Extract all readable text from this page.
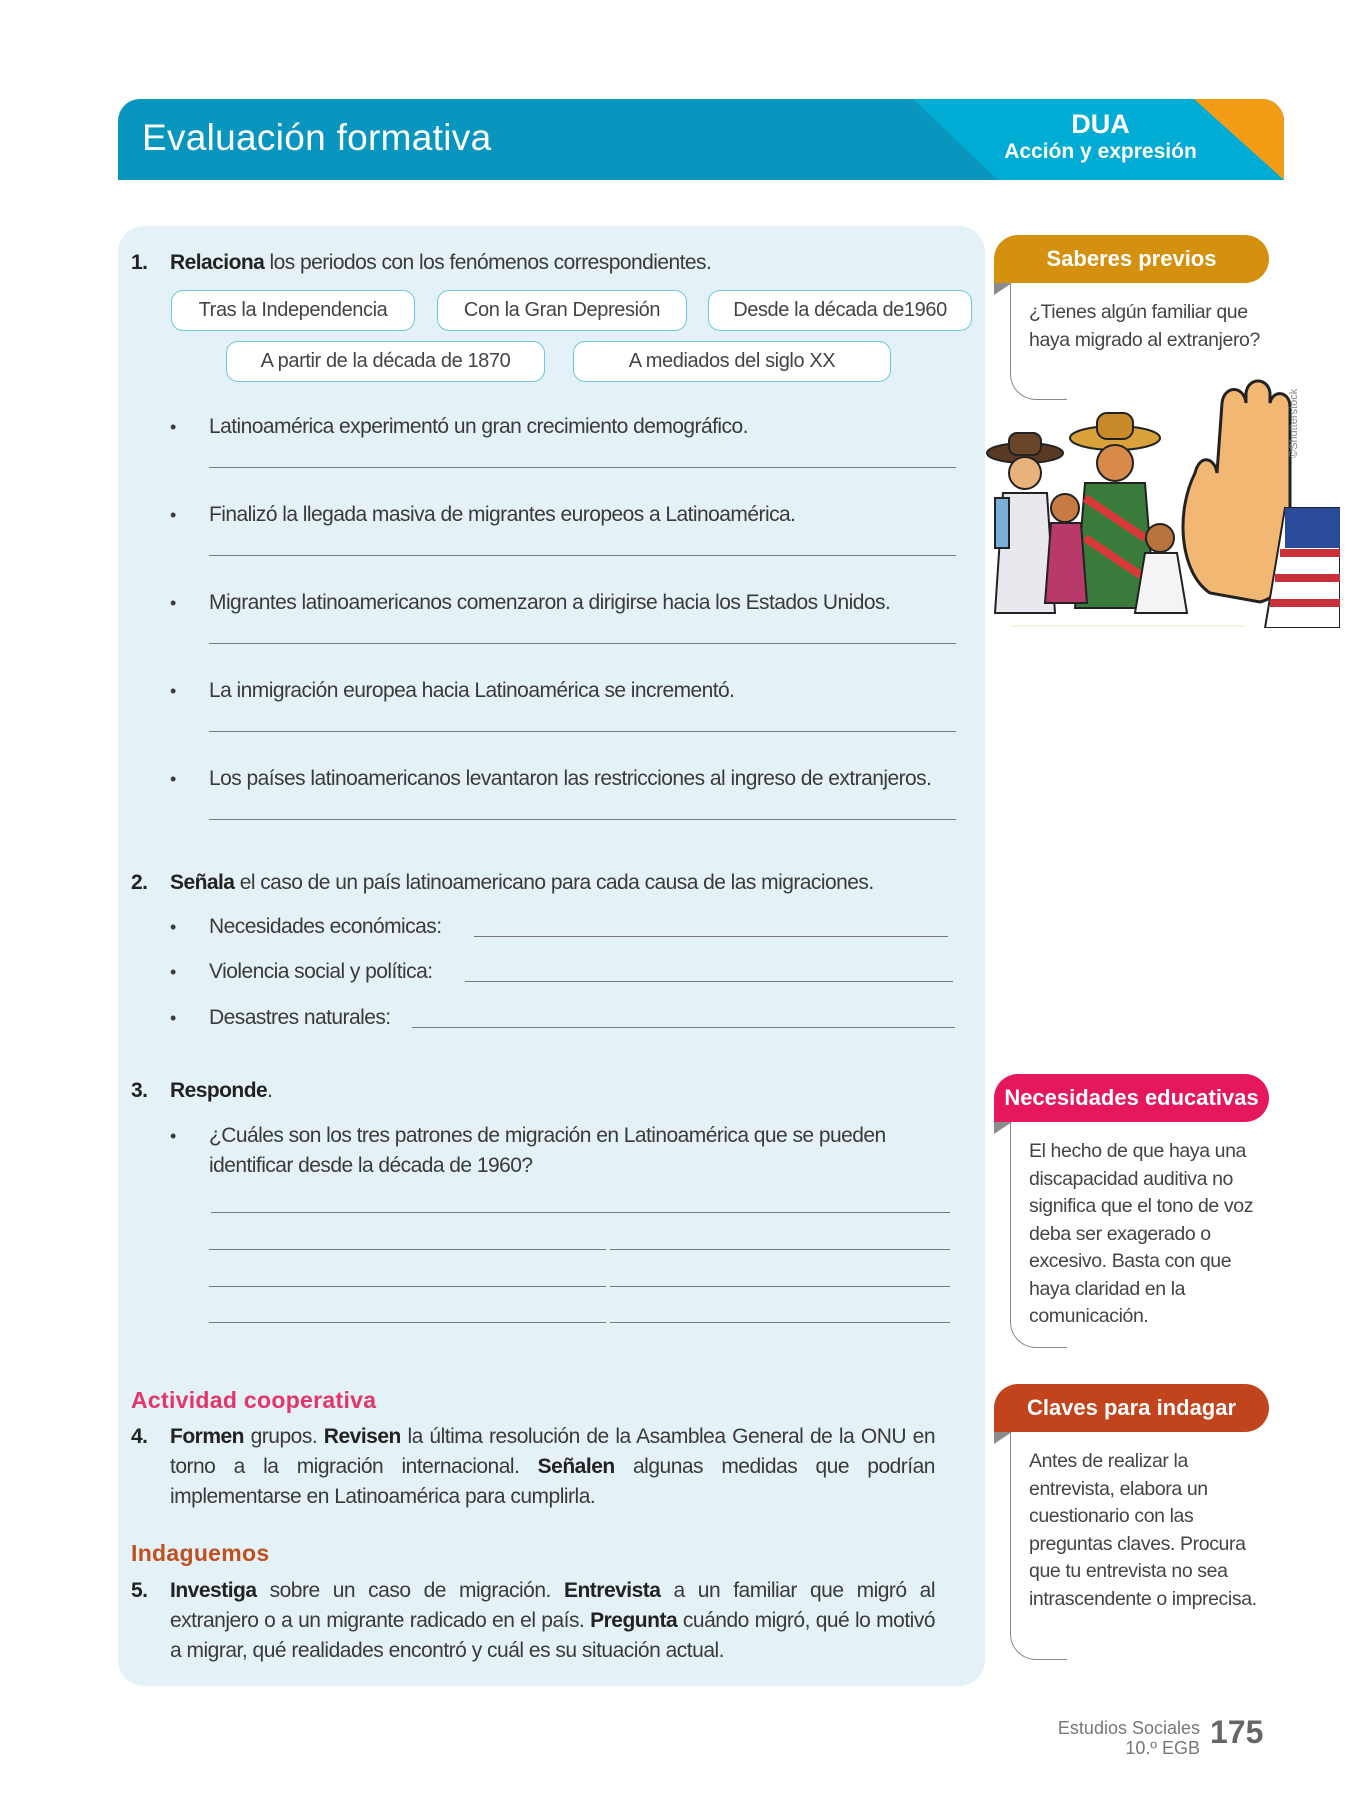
Evaluación formativa	DUA
Acción y expresión
1. Relaciona los periodos con los fenómenos correspondientes.
Tras la Independencia	Con la Gran Depresión	Desde la década de1960
A partir de la década de 1870	A mediados del siglo XX
• Latinoamérica experimentó un gran crecimiento demográfico.
• Finalizó la llegada masiva de migrantes europeos a Latinoamérica.
• Migrantes latinoamericanos comenzaron a dirigirse hacia los Estados Unidos.
• La inmigración europea hacia Latinoamérica se incrementó.
• Los países latinoamericanos levantaron las restricciones al ingreso de extranjeros.
2. Señala el caso de un país latinoamericano para cada causa de las migraciones.
• Necesidades económicas:
• Violencia social y política:
• Desastres naturales:
3. Responde.
• ¿Cuáles son los tres patrones de migración en Latinoamérica que se pueden
identificar desde la década de 1960?
Actividad cooperativa
4. Formen grupos. Revisen la última resolución de la Asamblea General de la ONU en torno a la migración internacional. Señalen algunas medidas que podrían implementarse en Latinoamérica para cumplirla.
Indaguemos
5. Investiga sobre un caso de migración. Entrevista a un familiar que migró al extranjero o a un migrante radicado en el país. Pregunta cuándo migró, qué lo motivó a migrar, qué realidades encontró y cuál es su situación actual.
Saberes previos
¿Tienes algún familiar que haya migrado al extranjero?
©Shutterstock
Necesidades educativas
El hecho de que haya una discapacidad auditiva no significa que el tono de voz deba ser exagerado o excesivo. Basta con que haya claridad en la comunicación.
Claves para indagar
Antes de realizar la entrevista, elabora un cuestionario con las preguntas claves. Procura que tu entrevista no sea intrascendente o imprecisa.
Estudios Sociales
10.º EGB 175
